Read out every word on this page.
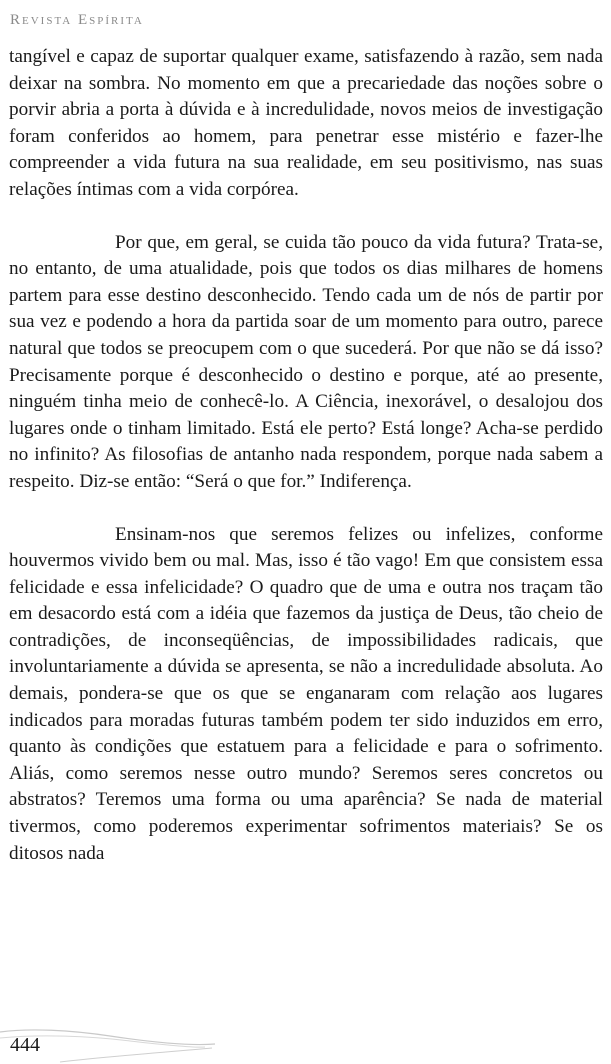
Revista Espírita

tangível e capaz de suportar qualquer exame, satisfazendo à razão, sem nada deixar na sombra. No momento em que a precariedade das noções sobre o porvir abria a porta à dúvida e à incredulidade, novos meios de investigação foram conferidos ao homem, para penetrar esse mistério e fazer-lhe compreender a vida futura na sua realidade, em seu positivismo, nas suas relações íntimas com a vida corpórea.

Por que, em geral, se cuida tão pouco da vida futura? Trata-se, no entanto, de uma atualidade, pois que todos os dias milhares de homens partem para esse destino desconhecido. Tendo cada um de nós de partir por sua vez e podendo a hora da partida soar de um momento para outro, parece natural que todos se preocupem com o que sucederá. Por que não se dá isso? Precisamente porque é desconhecido o destino e porque, até ao presente, ninguém tinha meio de conhecê-lo. A Ciência, inexorável, o desalojou dos lugares onde o tinham limitado. Está ele perto? Está longe? Acha-se perdido no infinito? As filosofias de antanho nada respondem, porque nada sabem a respeito. Diz-se então: “Será o que for.” Indiferença.

Ensinam-nos que seremos felizes ou infelizes, conforme houvermos vivido bem ou mal. Mas, isso é tão vago! Em que consistem essa felicidade e essa infelicidade? O quadro que de uma e outra nos traçam tão em desacordo está com a idéia que fazemos da justiça de Deus, tão cheio de contradições, de inconseqüências, de impossibilidades radicais, que involuntariamente a dúvida se apresenta, se não a incredulidade absoluta. Ao demais, pondera-se que os que se enganaram com relação aos lugares indicados para moradas futuras também podem ter sido induzidos em erro, quanto às condições que estatuem para a felicidade e para o sofrimento. Aliás, como seremos nesse outro mundo? Seremos seres concretos ou abstratos? Teremos uma forma ou uma aparência? Se nada de material tivermos, como poderemos experimentar sofrimentos materiais? Se os ditosos nada

444
